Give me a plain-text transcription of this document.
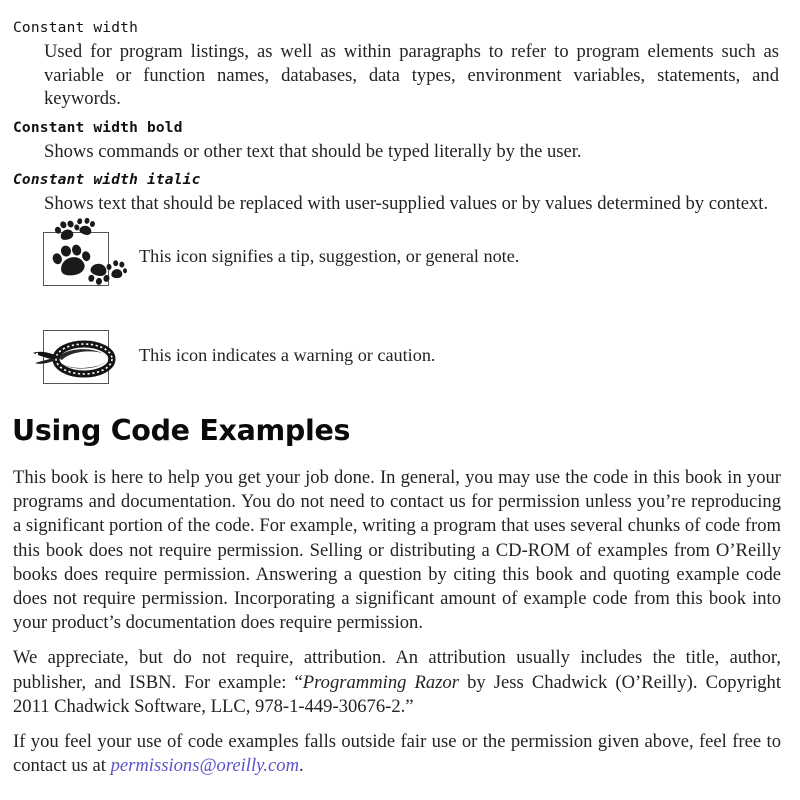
Constant width
Used for program listings, as well as within paragraphs to refer to program elements such as variable or function names, databases, data types, environment variables, statements, and keywords.
Constant width bold
Shows commands or other text that should be typed literally by the user.
Constant width italic
Shows text that should be replaced with user-supplied values or by values determined by context.
This icon signifies a tip, suggestion, or general note.
This icon indicates a warning or caution.
Using Code Examples

This book is here to help you get your job done. In general, you may use the code in this book in your programs and documentation. You do not need to contact us for permission unless you’re reproducing a significant portion of the code. For example, writing a program that uses several chunks of code from this book does not require permission. Selling or distributing a CD-ROM of examples from O’Reilly books does require permission. Answering a question by citing this book and quoting example code does not require permission. Incorporating a significant amount of example code from this book into your product’s documentation does require permission.

We appreciate, but do not require, attribution. An attribution usually includes the title, author, publisher, and ISBN. For example: “Programming Razor by Jess Chadwick (O’Reilly). Copyright 2011 Chadwick Software, LLC, 978-1-449-30676-2.”

If you feel your use of code examples falls outside fair use or the permission given above, feel free to contact us at permissions@oreilly.com.
